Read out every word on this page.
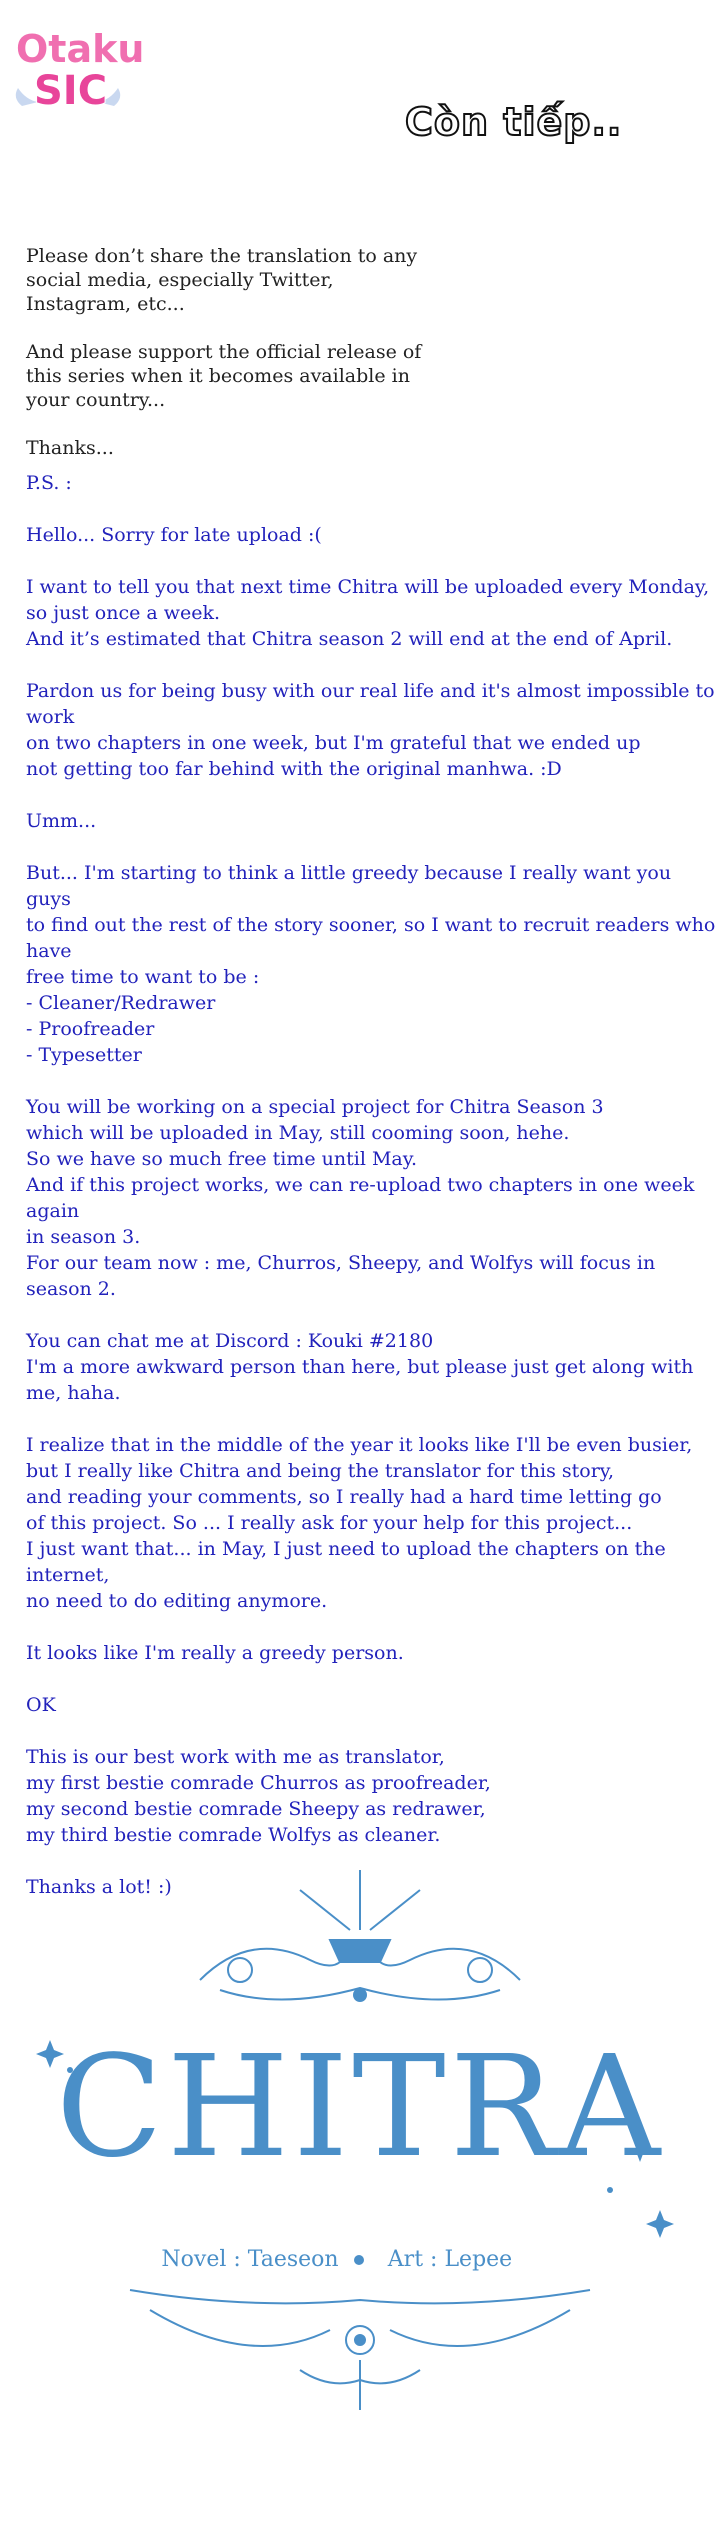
Otaku
SIC
Còn tiếp..

Please don’t share the translation to any social media, especially Twitter, Instagram, etc...

And please support the official release of this series when it becomes available in your country...

Thanks...

P.S. :

Hello... Sorry for late upload :(

I want to tell you that next time Chitra will be uploaded every Monday,
so just once a week.
And it’s estimated that Chitra season 2 will end at the end of April.

Pardon us for being busy with our real life and it's almost impossible to work
on two chapters in one week, but I'm grateful that we ended up
not getting too far behind with the original manhwa. :D

Umm...

But... I'm starting to think a little greedy because I really want you guys
to find out the rest of the story sooner, so I want to recruit readers who have
free time to want to be :
- Cleaner/Redrawer
- Proofreader
- Typesetter

You will be working on a special project for Chitra Season 3
which will be uploaded in May, still cooming soon, hehe.
So we have so much free time until May.
And if this project works, we can re-upload two chapters in one week again
in season 3.
For our team now : me, Churros, Sheepy, and Wolfys will focus in season 2.

You can chat me at Discord : Kouki #2180
I'm a more awkward person than here, but please just get along with me, haha.

I realize that in the middle of the year it looks like I'll be even busier,
but I really like Chitra and being the translator for this story,
and reading your comments, so I really had a hard time letting go
of this project. So ... I really ask for your help for this project...
I just want that... in May, I just need to upload the chapters on the internet,
no need to do editing anymore.

It looks like I'm really a greedy person.

OK

This is our best work with me as translator,
my first bestie comrade Churros as proofreader,
my second bestie comrade Sheepy as redrawer,
my third bestie comrade Wolfys as cleaner.

Thanks a lot! :)

CHITRA
Novel : Taeseon Art : Lepee
